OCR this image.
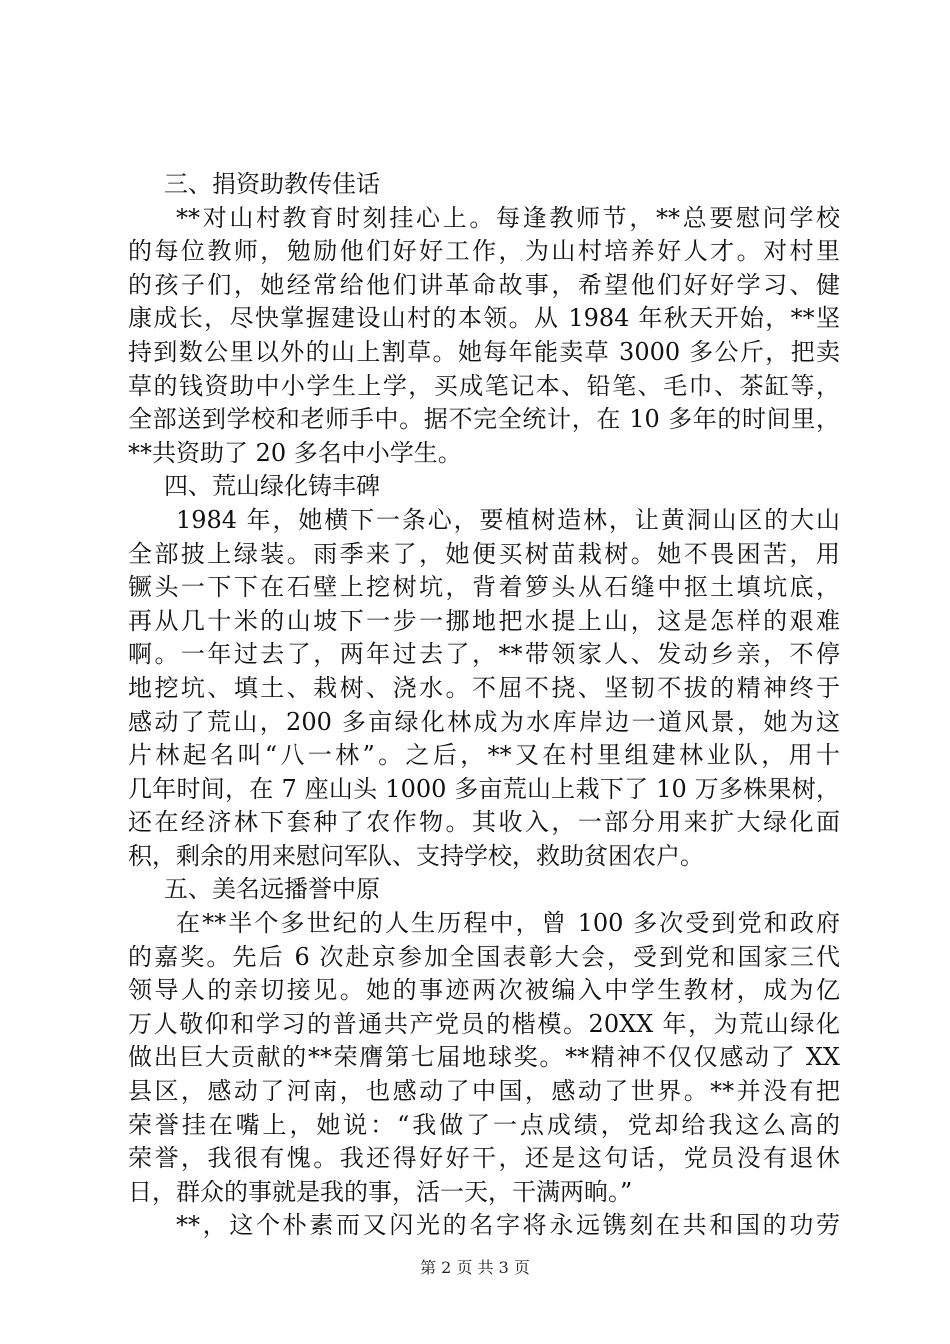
三、捐资助教传佳话
**对山村教育时刻挂心上。每逢教师节，**总要慰问学校
的每位教师，勉励他们好好工作，为山村培养好人才。对村里
的孩子们，她经常给他们讲革命故事，希望他们好好学习、健
康成长，尽快掌握建设山村的本领。从 1984 年秋天开始，**坚
持到数公里以外的山上割草。她每年能卖草 3000 多公斤，把卖
草的钱资助中小学生上学，买成笔记本、铅笔、毛巾、茶缸等，
全部送到学校和老师手中。据不完全统计，在 10 多年的时间里，
**共资助了 20 多名中小学生。
四、荒山绿化铸丰碑
1984 年，她横下一条心，要植树造林，让黄洞山区的大山
全部披上绿装。雨季来了，她便买树苗栽树。她不畏困苦，用
镢头一下下在石壁上挖树坑，背着箩头从石缝中抠土填坑底，
再从几十米的山坡下一步一挪地把水提上山，这是怎样的艰难
啊。一年过去了，两年过去了，**带领家人、发动乡亲，不停
地挖坑、填土、栽树、浇水。不屈不挠、坚韧不拔的精神终于
感动了荒山，200 多亩绿化林成为水库岸边一道风景，她为这
片林起名叫“八一林”。之后，**又在村里组建林业队，用十
几年时间，在 7 座山头 1000 多亩荒山上栽下了 10 万多株果树，
还在经济林下套种了农作物。其收入，一部分用来扩大绿化面
积，剩余的用来慰问军队、支持学校，救助贫困农户。
五、美名远播誉中原
在**半个多世纪的人生历程中，曾 100 多次受到党和政府
的嘉奖。先后 6 次赴京参加全国表彰大会，受到党和国家三代
领导人的亲切接见。她的事迹两次被编入中学生教材，成为亿
万人敬仰和学习的普通共产党员的楷模。20XX 年，为荒山绿化
做出巨大贡献的**荣膺第七届地球奖。**精神不仅仅感动了 XX
县区，感动了河南，也感动了中国，感动了世界。**并没有把
荣誉挂在嘴上，她说：“我做了一点成绩，党却给我这么高的
荣誉，我很有愧。我还得好好干，还是这句话，党员没有退休
日，群众的事就是我的事，活一天，干满两晌。”
**，这个朴素而又闪光的名字将永远镌刻在共和国的功劳
第 2 页 共 3 页
